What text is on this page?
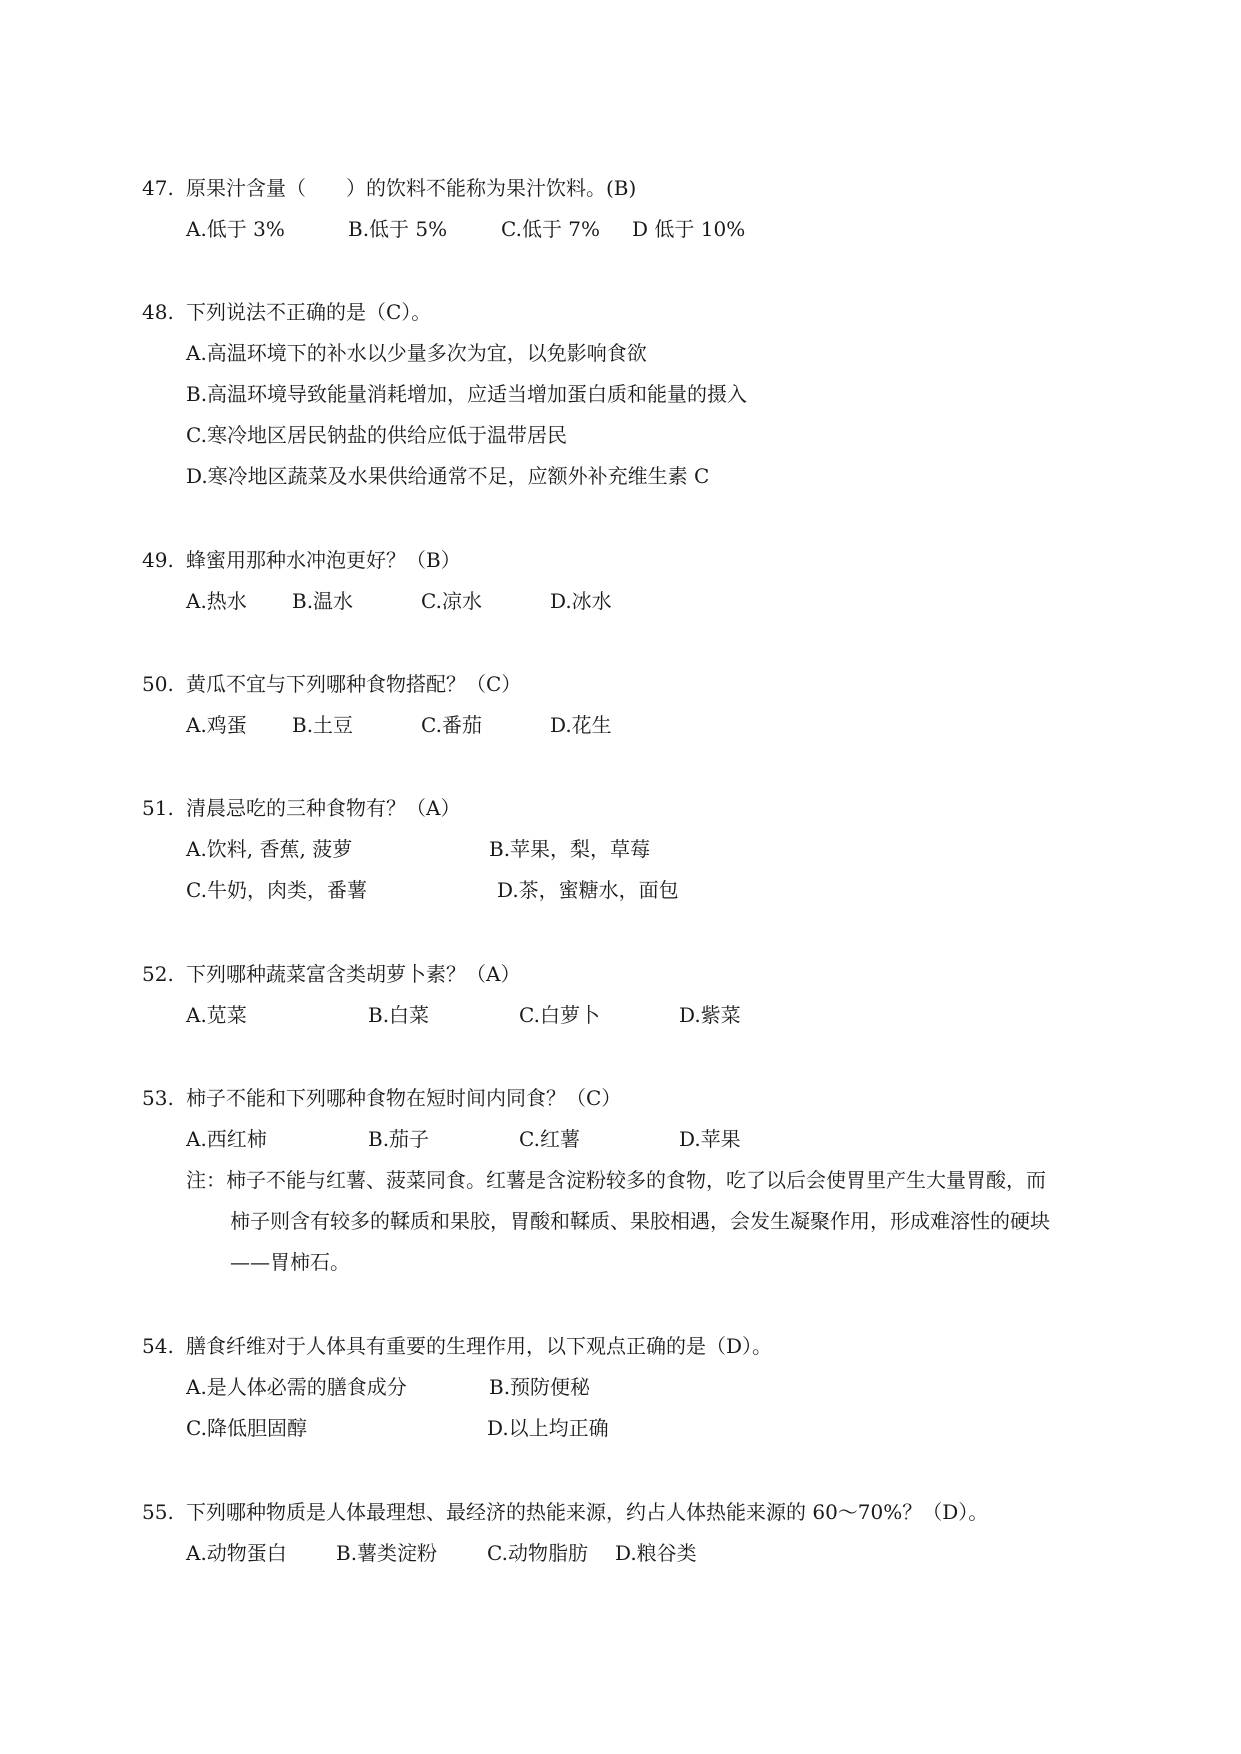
47. 原果汁含量（　　）的饮料不能称为果汁饮料。(B)
A.低于 3%	B.低于 5%	C.低于 7% D 低于 10%
48. 下列说法不正确的是（C）。
A.高温环境下的补水以少量多次为宜，以免影响食欲
B.高温环境导致能量消耗增加，应适当增加蛋白质和能量的摄入
C.寒冷地区居民钠盐的供给应低于温带居民
D.寒冷地区蔬菜及水果供给通常不足，应额外补充维生素 C
49. 蜂蜜用那种水冲泡更好？（B）
A.热水 B.温水	C.凉水	D.冰水
50. 黄瓜不宜与下列哪种食物搭配？（C）
A.鸡蛋 B.土豆	C.番茄	D.花生
51. 清晨忌吃的三种食物有？（A）
A.饮料, 香蕉, 菠萝	B.苹果，梨，草莓
C.牛奶，肉类，番薯	D.茶，蜜糖水，面包
52. 下列哪种蔬菜富含类胡萝卜素？（A）
A.苋菜	B.白菜	C.白萝卜	D.紫菜
53. 柿子不能和下列哪种食物在短时间内同食？（C）
A.西红柿	B.茄子	C.红薯	D.苹果
注：柿子不能与红薯、菠菜同食。红薯是含淀粉较多的食物，吃了以后会使胃里产生大量胃酸，而
柿子则含有较多的鞣质和果胶，胃酸和鞣质、果胶相遇，会发生凝聚作用，形成难溶性的硬块
——胃柿石。
54. 膳食纤维对于人体具有重要的生理作用，以下观点正确的是（D）。
A.是人体必需的膳食成分	B.预防便秘
C.降低胆固醇	D.以上均正确
55. 下列哪种物质是人体最理想、最经济的热能来源，约占人体热能来源的 60～70%？（D）。
A.动物蛋白 B.薯类淀粉 C.动物脂肪 D.粮谷类
